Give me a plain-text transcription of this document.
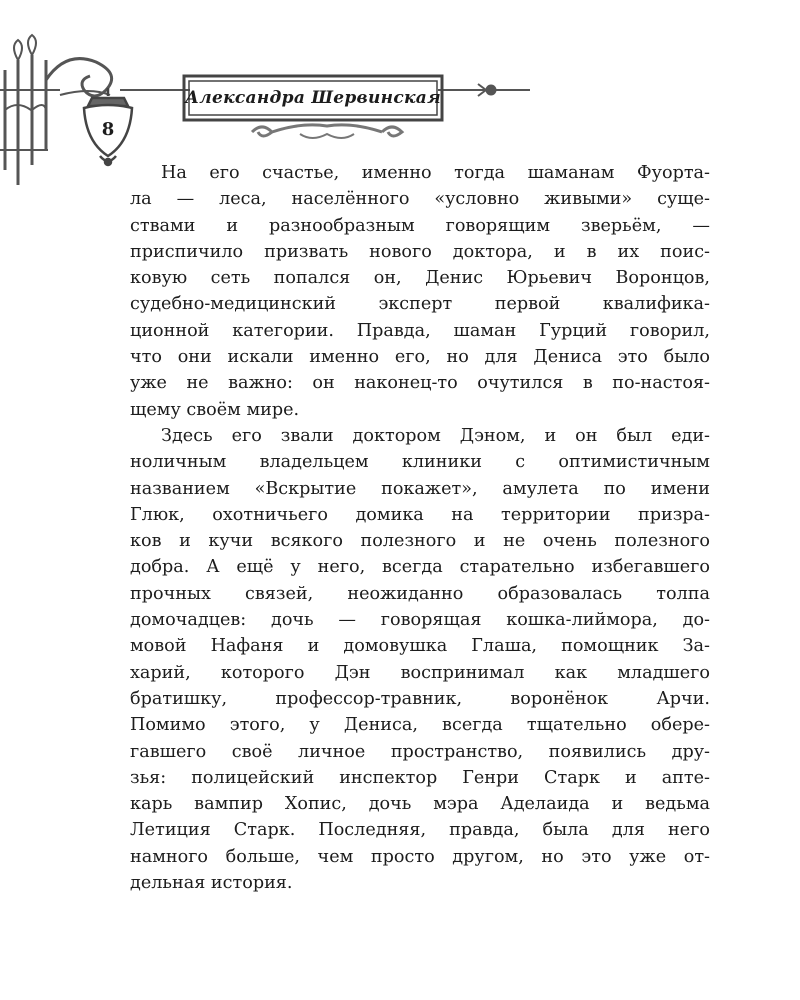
Александра Шервинская
8

На его счастье, именно тогда шаманам Фуорта-
ла — леса, населённого «условно живыми» суще-
ствами и разнообразным говорящим зверьём, —
приспичило призвать нового доктора, и в их поис-
ковую сеть попался он, Денис Юрьевич Воронцов,
судебно-медицинский эксперт первой квалифика-
ционной категории. Правда, шаман Гурций говорил,
что они искали именно его, но для Дениса это было
уже не важно: он наконец-то очутился в по-настоя-
щему своём мире.

Здесь его звали доктором Дэном, и он был еди-
ноличным владельцем клиники с оптимистичным
названием «Вскрытие покажет», амулета по имени
Глюк, охотничьего домика на территории призра-
ков и кучи всякого полезного и не очень полезного
добра. А ещё у него, всегда старательно избегавшего
прочных связей, неожиданно образовалась толпа
домочадцев: дочь — говорящая кошка-лиймора, до-
мовой Нафаня и домовушка Глаша, помощник За-
харий, которого Дэн воспринимал как младшего
братишку, профессор-травник, воронёнок Арчи.
Помимо этого, у Дениса, всегда тщательно обере-
гавшего своё личное пространство, появились дру-
зья: полицейский инспектор Генри Старк и апте-
карь вампир Хопис, дочь мэра Аделаида и ведьма
Летиция Старк. Последняя, правда, была для него
намного больше, чем просто другом, но это уже от-
дельная история.
